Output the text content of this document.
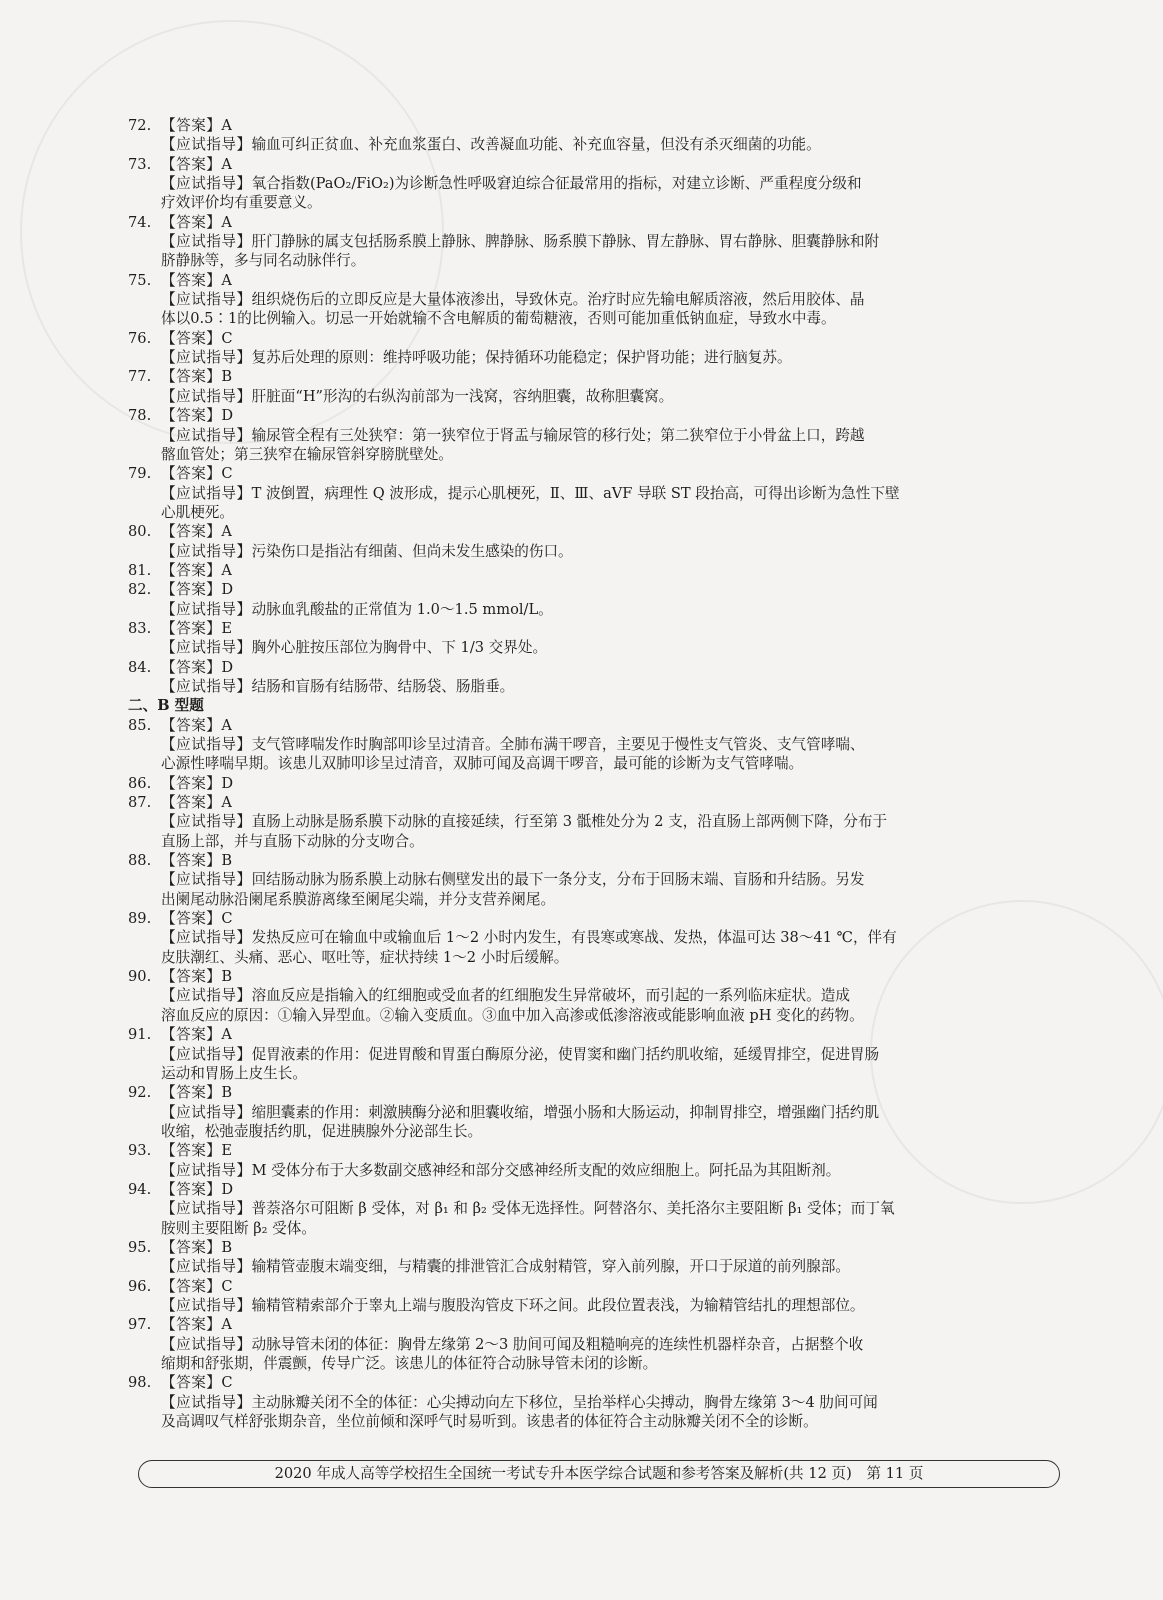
72. 【答案】A
【应试指导】输血可纠正贫血、补充血浆蛋白、改善凝血功能、补充血容量，但没有杀灭细菌的功能。
73. 【答案】A
【应试指导】氧合指数(PaO₂/FiO₂)为诊断急性呼吸窘迫综合征最常用的指标，对建立诊断、严重程度分级和
疗效评价均有重要意义。
74. 【答案】A
【应试指导】肝门静脉的属支包括肠系膜上静脉、脾静脉、肠系膜下静脉、胃左静脉、胃右静脉、胆囊静脉和附
脐静脉等，多与同名动脉伴行。
75. 【答案】A
【应试指导】组织烧伤后的立即反应是大量体液渗出，导致休克。治疗时应先输电解质溶液，然后用胶体、晶
体以0.5∶1的比例输入。切忌一开始就输不含电解质的葡萄糖液，否则可能加重低钠血症，导致水中毒。
76. 【答案】C
【应试指导】复苏后处理的原则：维持呼吸功能；保持循环功能稳定；保护肾功能；进行脑复苏。
77. 【答案】B
【应试指导】肝脏面“H”形沟的右纵沟前部为一浅窝，容纳胆囊，故称胆囊窝。
78. 【答案】D
【应试指导】输尿管全程有三处狭窄：第一狭窄位于肾盂与输尿管的移行处；第二狭窄位于小骨盆上口，跨越
髂血管处；第三狭窄在输尿管斜穿膀胱壁处。
79. 【答案】C
【应试指导】T 波倒置，病理性 Q 波形成，提示心肌梗死，Ⅱ、Ⅲ、aVF 导联 ST 段抬高，可得出诊断为急性下壁
心肌梗死。
80. 【答案】A
【应试指导】污染伤口是指沾有细菌、但尚未发生感染的伤口。
81. 【答案】A
82. 【答案】D
【应试指导】动脉血乳酸盐的正常值为 1.0～1.5 mmol/L。
83. 【答案】E
【应试指导】胸外心脏按压部位为胸骨中、下 1/3 交界处。
84. 【答案】D
【应试指导】结肠和盲肠有结肠带、结肠袋、肠脂垂。
二、B 型题
85. 【答案】A
【应试指导】支气管哮喘发作时胸部叩诊呈过清音。全肺布满干啰音，主要见于慢性支气管炎、支气管哮喘、
心源性哮喘早期。该患儿双肺叩诊呈过清音，双肺可闻及高调干啰音，最可能的诊断为支气管哮喘。
86. 【答案】D
87. 【答案】A
【应试指导】直肠上动脉是肠系膜下动脉的直接延续，行至第 3 骶椎处分为 2 支，沿直肠上部两侧下降，分布于
直肠上部，并与直肠下动脉的分支吻合。
88. 【答案】B
【应试指导】回结肠动脉为肠系膜上动脉右侧壁发出的最下一条分支，分布于回肠末端、盲肠和升结肠。另发
出阑尾动脉沿阑尾系膜游离缘至阑尾尖端，并分支营养阑尾。
89. 【答案】C
【应试指导】发热反应可在输血中或输血后 1～2 小时内发生，有畏寒或寒战、发热，体温可达 38～41 ℃，伴有
皮肤潮红、头痛、恶心、呕吐等，症状持续 1～2 小时后缓解。
90. 【答案】B
【应试指导】溶血反应是指输入的红细胞或受血者的红细胞发生异常破坏，而引起的一系列临床症状。造成
溶血反应的原因：①输入异型血。②输入变质血。③血中加入高渗或低渗溶液或能影响血液 pH 变化的药物。
91. 【答案】A
【应试指导】促胃液素的作用：促进胃酸和胃蛋白酶原分泌，使胃窦和幽门括约肌收缩，延缓胃排空，促进胃肠
运动和胃肠上皮生长。
92. 【答案】B
【应试指导】缩胆囊素的作用：刺激胰酶分泌和胆囊收缩，增强小肠和大肠运动，抑制胃排空，增强幽门括约肌
收缩，松弛壶腹括约肌，促进胰腺外分泌部生长。
93. 【答案】E
【应试指导】M 受体分布于大多数副交感神经和部分交感神经所支配的效应细胞上。阿托品为其阻断剂。
94. 【答案】D
【应试指导】普萘洛尔可阻断 β 受体，对 β₁ 和 β₂ 受体无选择性。阿替洛尔、美托洛尔主要阻断 β₁ 受体；而丁氧
胺则主要阻断 β₂ 受体。
95. 【答案】B
【应试指导】输精管壶腹末端变细，与精囊的排泄管汇合成射精管，穿入前列腺，开口于尿道的前列腺部。
96. 【答案】C
【应试指导】输精管精索部介于睾丸上端与腹股沟管皮下环之间。此段位置表浅，为输精管结扎的理想部位。
97. 【答案】A
【应试指导】动脉导管未闭的体征：胸骨左缘第 2～3 肋间可闻及粗糙响亮的连续性机器样杂音，占据整个收
缩期和舒张期，伴震颤，传导广泛。该患儿的体征符合动脉导管未闭的诊断。
98. 【答案】C
【应试指导】主动脉瓣关闭不全的体征：心尖搏动向左下移位，呈抬举样心尖搏动，胸骨左缘第 3～4 肋间可闻
及高调叹气样舒张期杂音，坐位前倾和深呼气时易听到。该患者的体征符合主动脉瓣关闭不全的诊断。
2020 年成人高等学校招生全国统一考试专升本医学综合试题和参考答案及解析(共 12 页)　第 11 页
